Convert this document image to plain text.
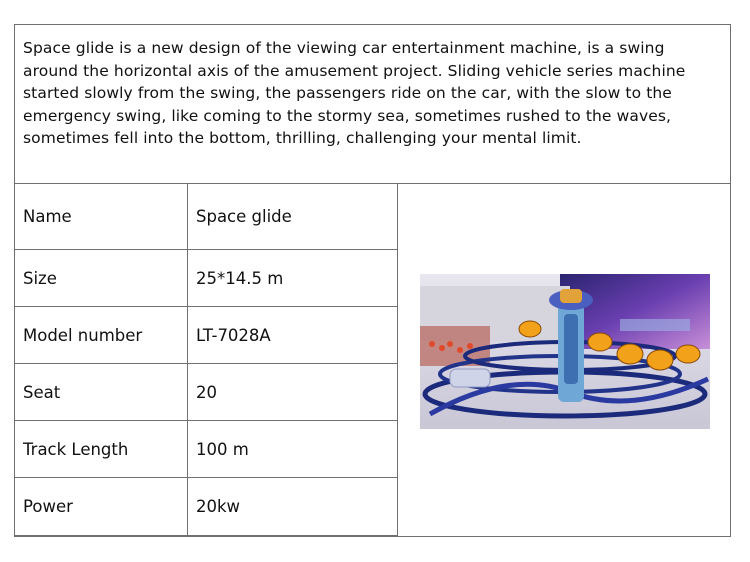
Space glide is a new design of the viewing car entertainment machine, is a swing around the horizontal axis of the amusement project. Sliding vehicle series machine started slowly from the swing, the passengers ride on the car, with the slow to the emergency swing, like coming to the stormy sea, sometimes rushed to the waves, sometimes fell into the bottom, thrilling, challenging your mental limit.
Name	Space glide
Size	25*14.5 m
Model number	LT-7028A
Seat	20
Track Length	100 m
Power	20kw
